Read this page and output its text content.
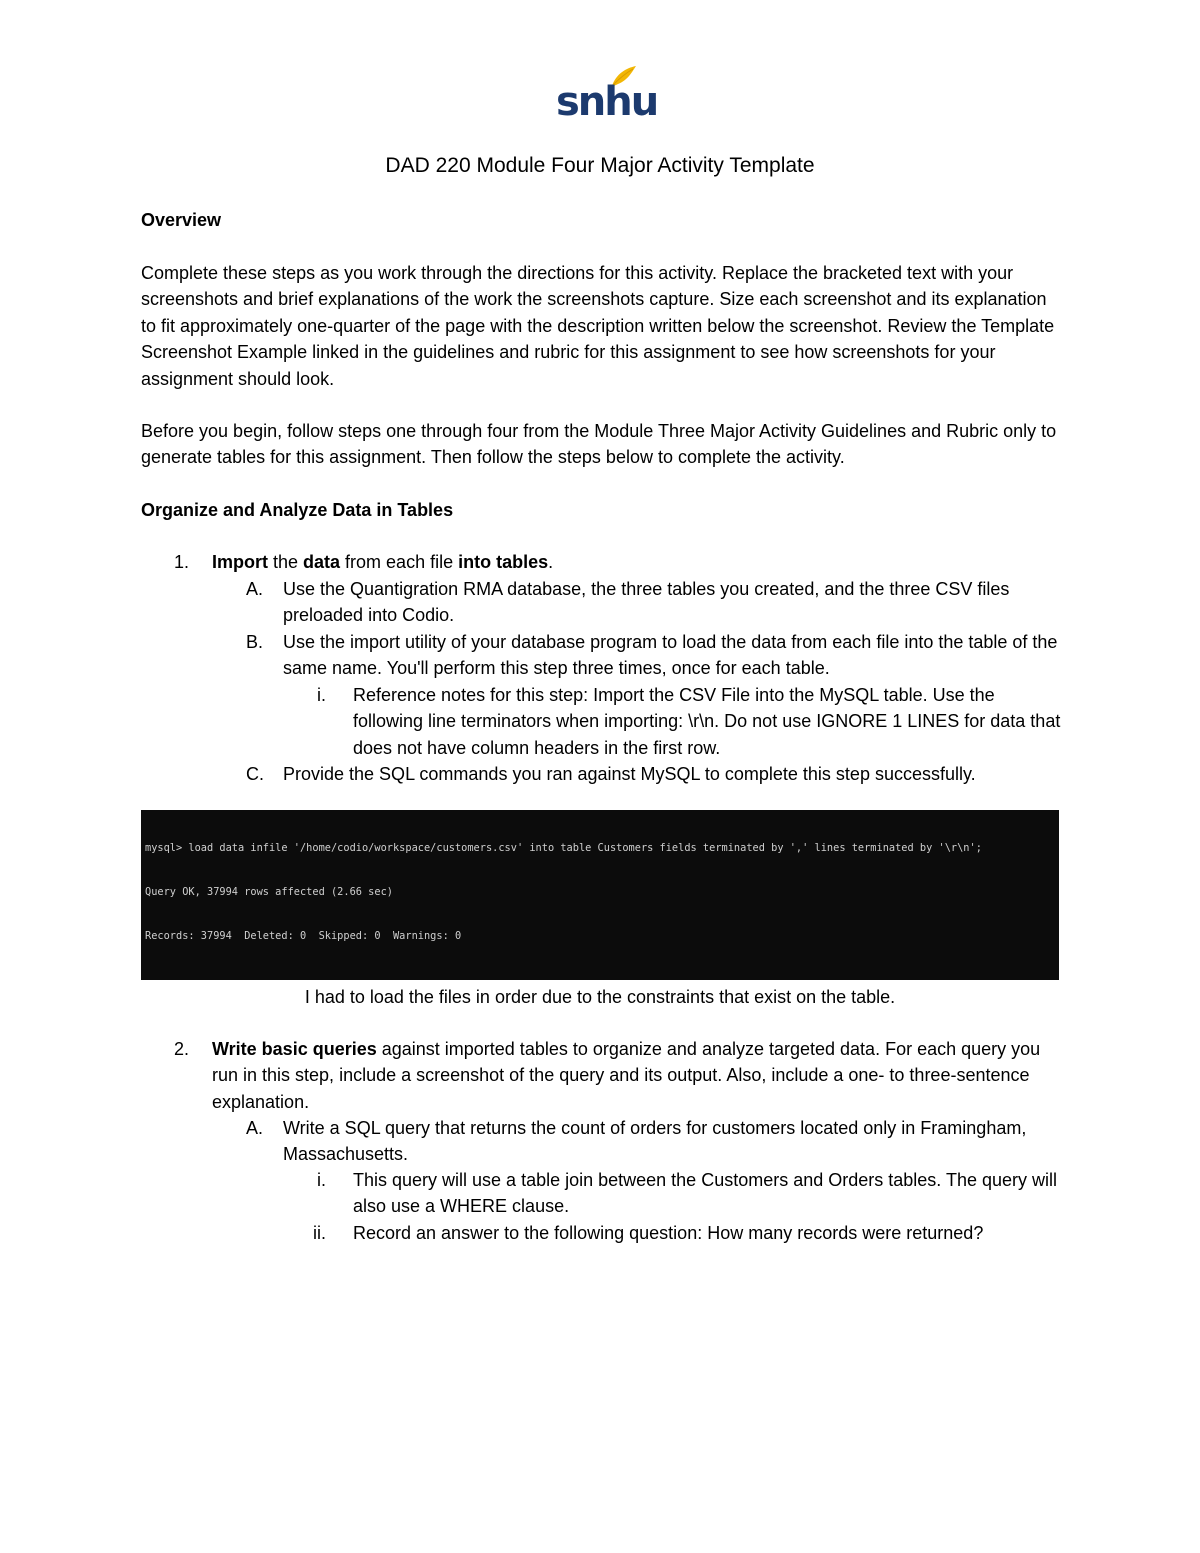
snhu
DAD 220 Module Four Major Activity Template
Overview
Complete these steps as you work through the directions for this activity. Replace the bracketed text with your screenshots and brief explanations of the work the screenshots capture. Size each screenshot and its explanation to fit approximately one-quarter of the page with the description written below the screenshot. Review the Template Screenshot Example linked in the guidelines and rubric for this assignment to see how screenshots for your assignment should look.
Before you begin, follow steps one through four from the Module Three Major Activity Guidelines and Rubric only to generate tables for this assignment. Then follow the steps below to complete the activity.
Organize and Analyze Data in Tables
1. Import the data from each file into tables.
A. Use the Quantigration RMA database, the three tables you created, and the three CSV files preloaded into Codio.
B. Use the import utility of your database program to load the data from each file into the table of the same name. You'll perform this step three times, once for each table.
i. Reference notes for this step: Import the CSV File into the MySQL table. Use the following line terminators when importing: \r\n. Do not use IGNORE 1 LINES for data that does not have column headers in the first row.
C. Provide the SQL commands you ran against MySQL to complete this step successfully.

mysql> load data infile '/home/codio/workspace/customers.csv' into table Customers fields terminated by ',' lines terminated by '\r\n';

Query OK, 37994 rows affected (2.66 sec)

Records: 37994  Deleted: 0  Skipped: 0  Warnings: 0

I had to load the files in order due to the constraints that exist on the table.
2. Write basic queries against imported tables to organize and analyze targeted data. For each query you run in this step, include a screenshot of the query and its output. Also, include a one- to three-sentence explanation.
A. Write a SQL query that returns the count of orders for customers located only in Framingham, Massachusetts.
i. This query will use a table join between the Customers and Orders tables. The query will also use a WHERE clause.
ii. Record an answer to the following question: How many records were returned?
